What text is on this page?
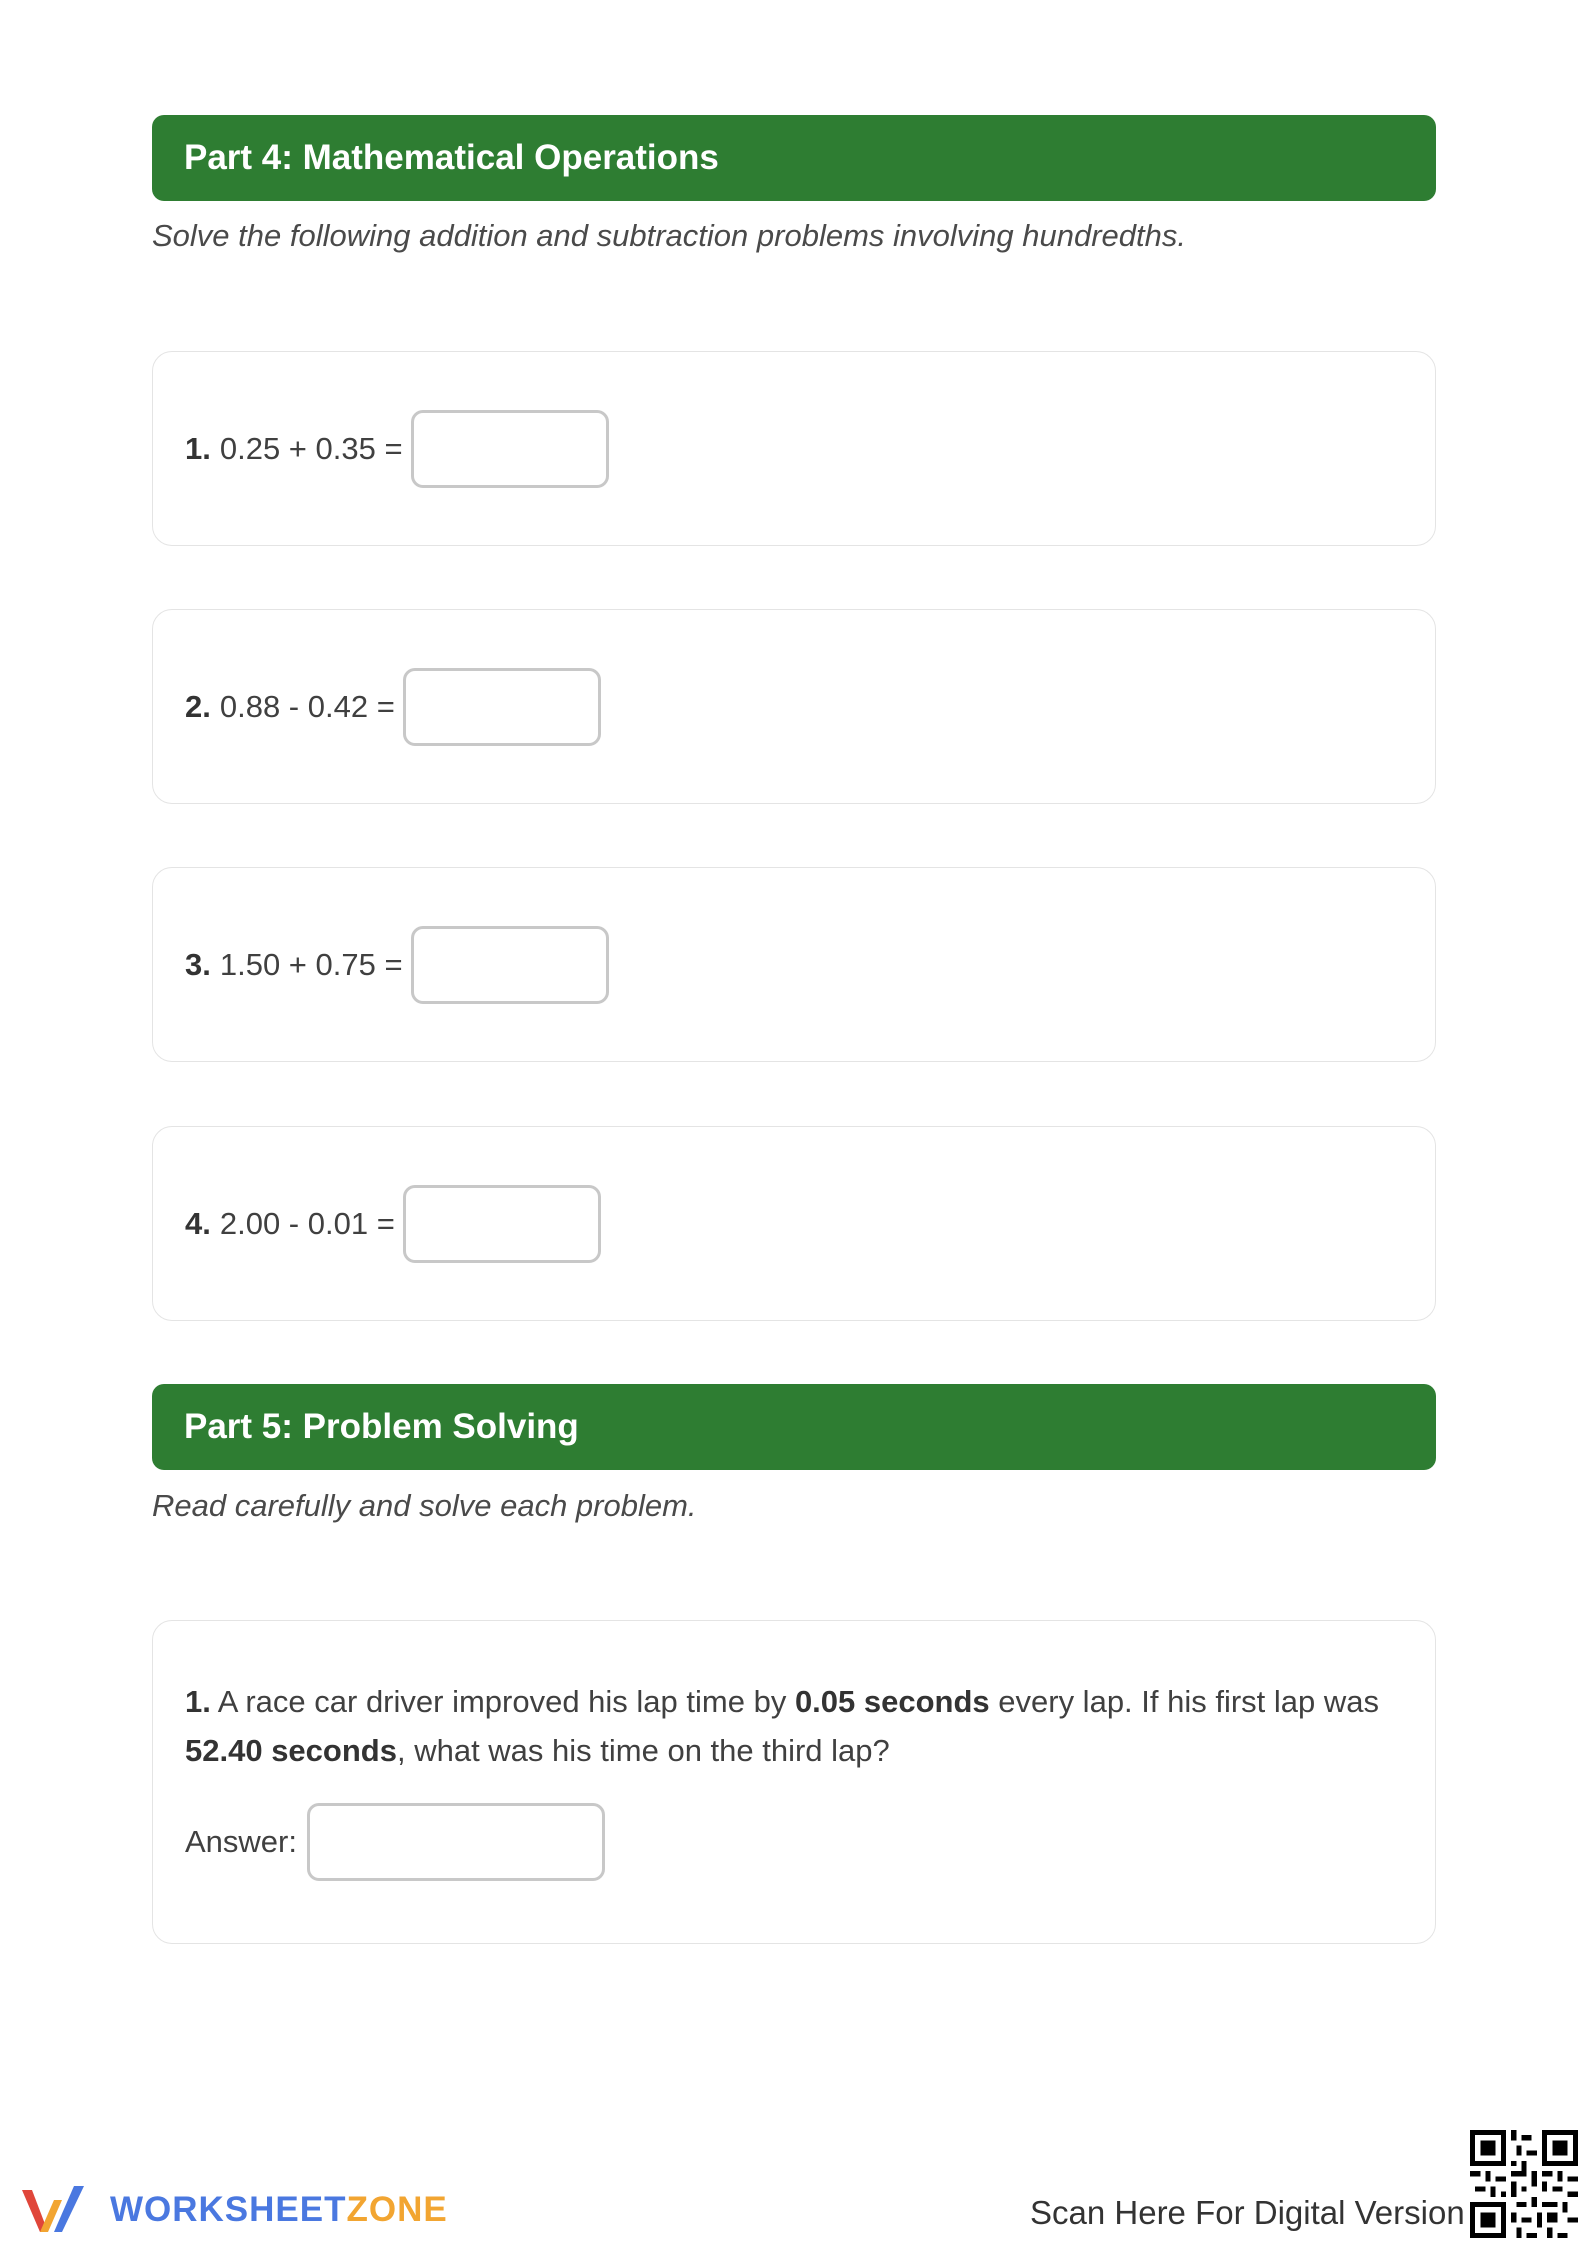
Part 4: Mathematical Operations
Solve the following addition and subtraction problems involving hundredths.
1. 0.25 + 0.35 =
2. 0.88 - 0.42 =
3. 1.50 + 0.75 =
4. 2.00 - 0.01 =
Part 5: Problem Solving
Read carefully and solve each problem.
1. A race car driver improved his lap time by 0.05 seconds every lap. If his first lap was 52.40 seconds, what was his time on the third lap?
Answer:
WORKSHEETZONE	Scan Here For Digital Version
